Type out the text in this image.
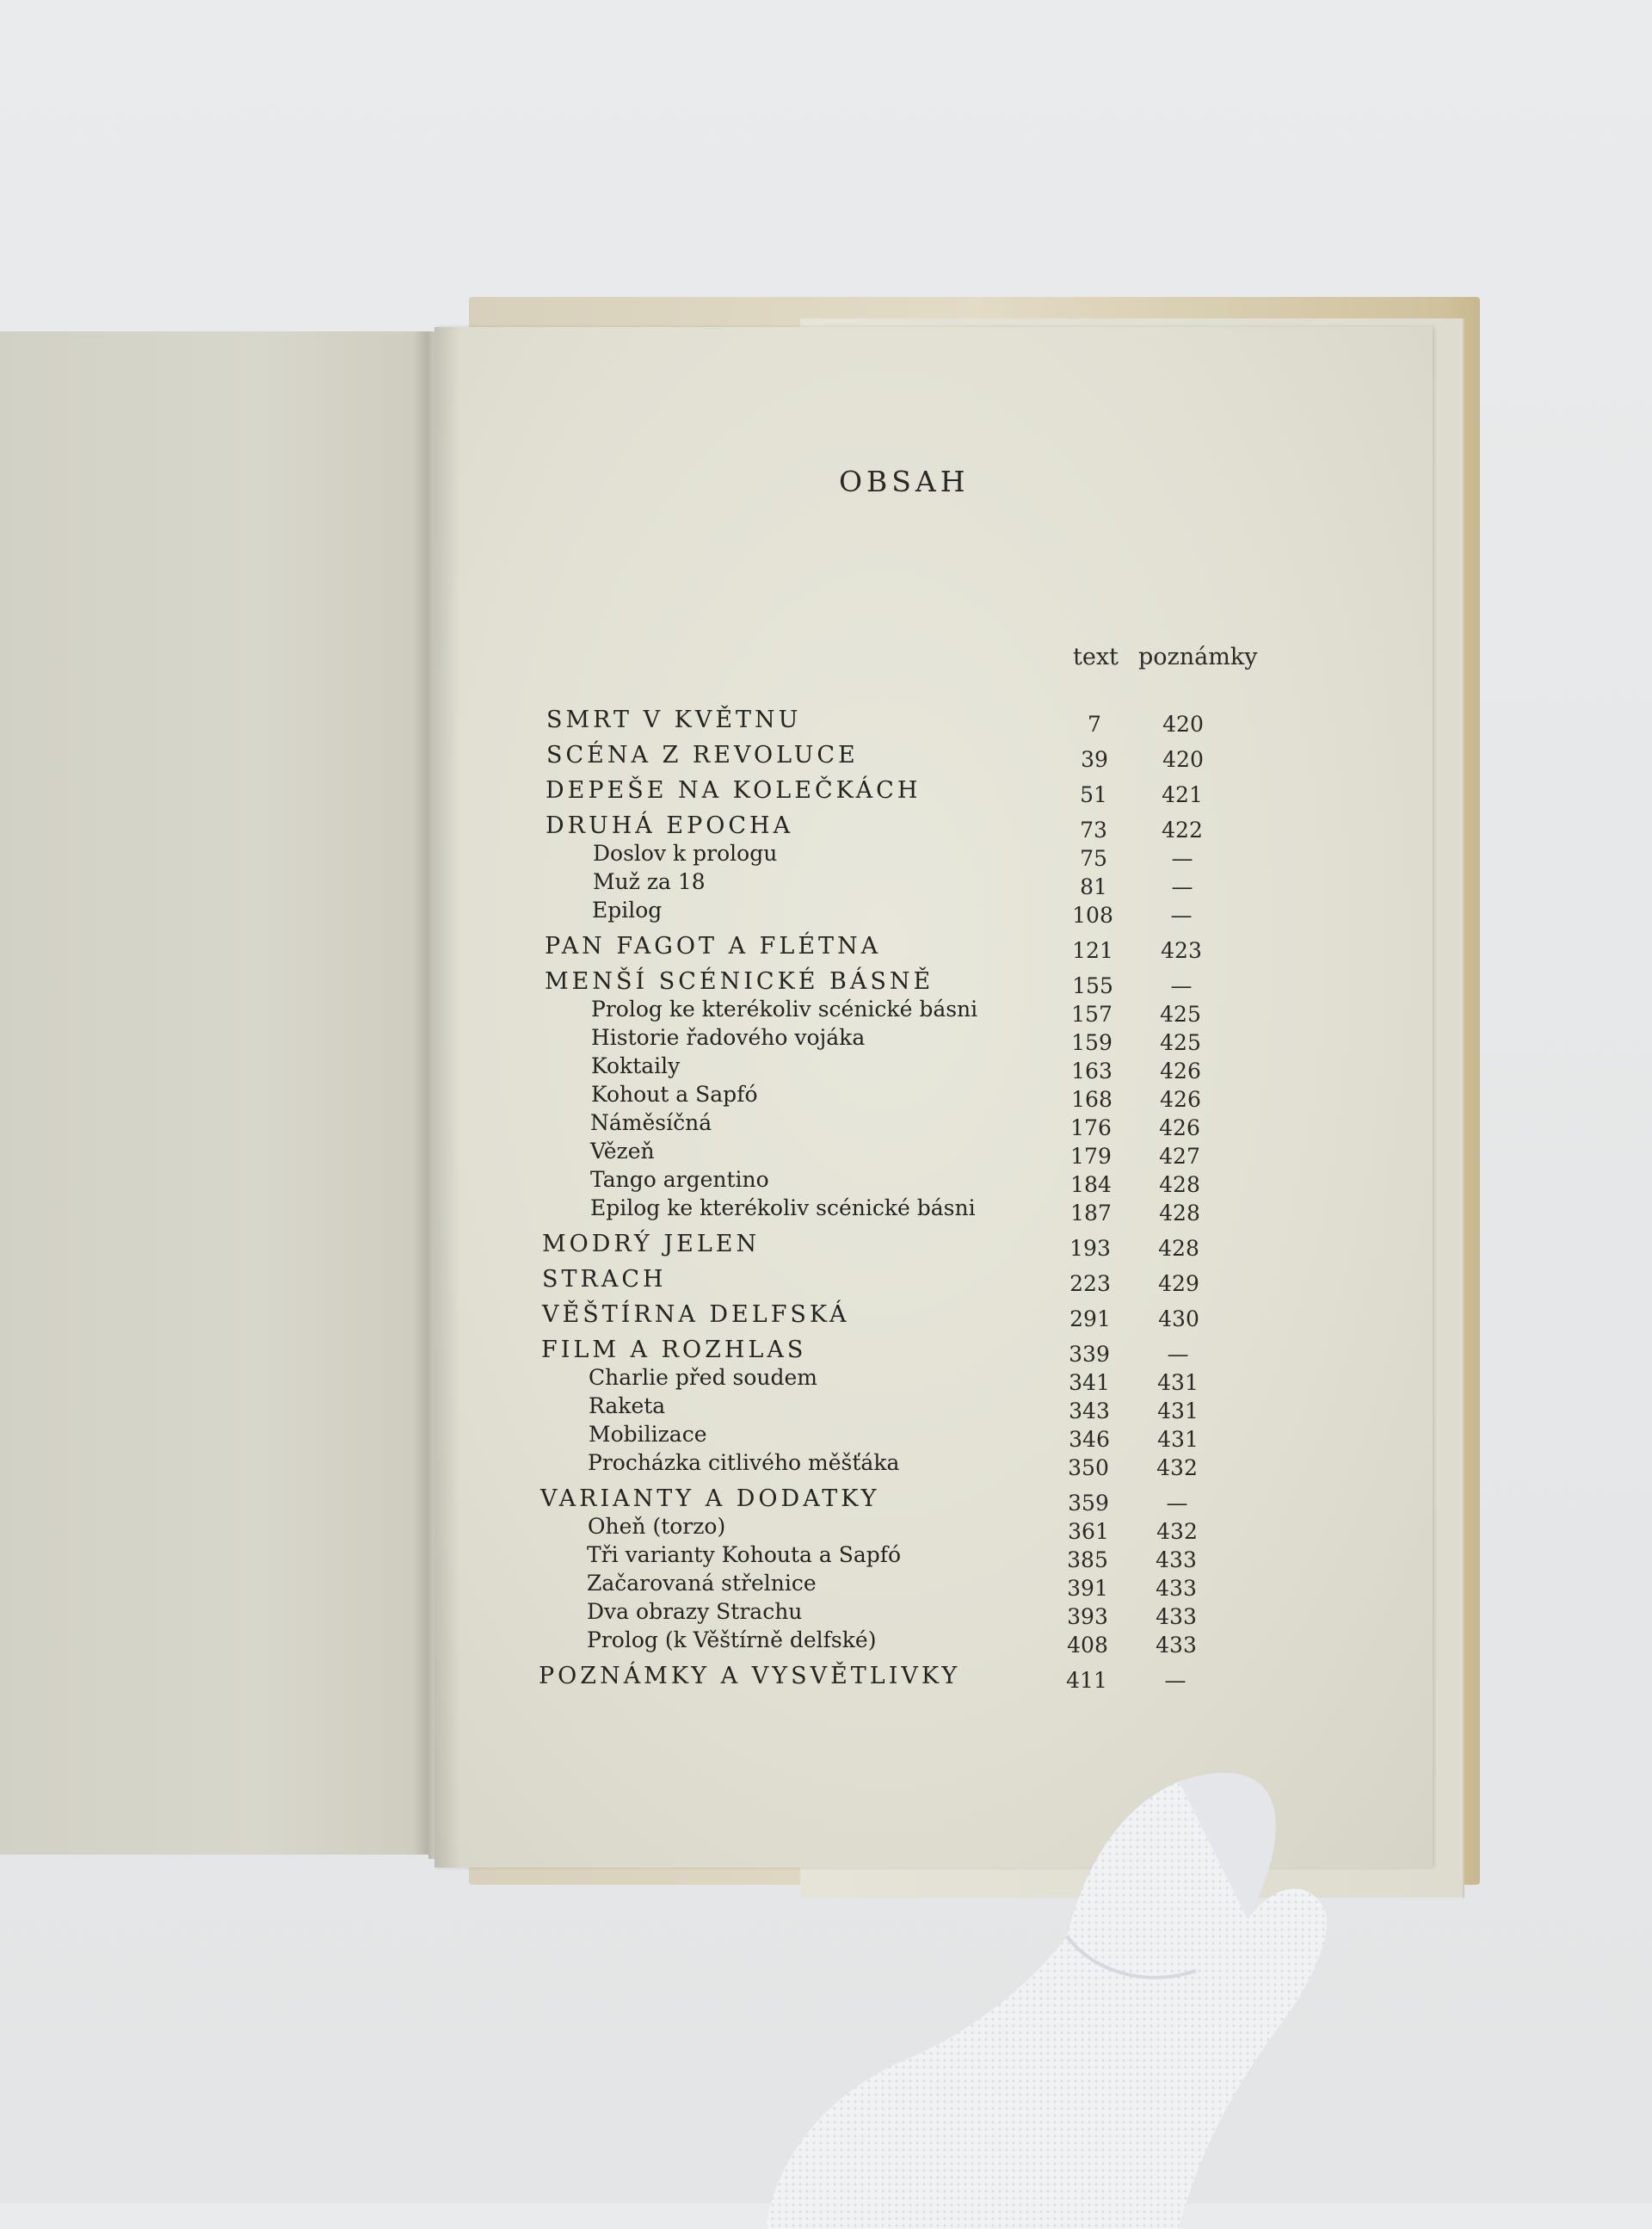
OBSAH
text poznámky
SMRT V KVĚTNU	7	420
SCÉNA Z REVOLUCE	39	420
DEPEŠE NA KOLEČKÁCH	51	421
DRUHÁ EPOCHA	73	422
Doslov k prologu	75	—
Muž za 18	81	—
Epilog	108	—
PAN FAGOT A FLÉTNA	121	423
MENŠÍ SCÉNICKÉ BÁSNĚ	155	—
Prolog ke kterékoliv scénické básni	157	425
Historie řadového vojáka	159	425
Koktaily	163	426
Kohout a Sapfó	168	426
Náměsíčná	176	426
Vězeň	179	427
Tango argentino	184	428
Epilog ke kterékoliv scénické básni	187	428
MODRÝ JELEN	193	428
STRACH	223	429
VĚŠTÍRNA DELFSKÁ	291	430
FILM A ROZHLAS	339	—
Charlie před soudem	341	431
Raketa	343	431
Mobilizace	346	431
Procházka citlivého měšťáka	350	432
VARIANTY A DODATKY	359	—
Oheň (torzo)	361	432
Tři varianty Kohouta a Sapfó	385	433
Začarovaná střelnice	391	433
Dva obrazy Strachu	393	433
Prolog (k Věštírně delfské)	408	433
POZNÁMKY A VYSVĚTLIVKY	411	—
